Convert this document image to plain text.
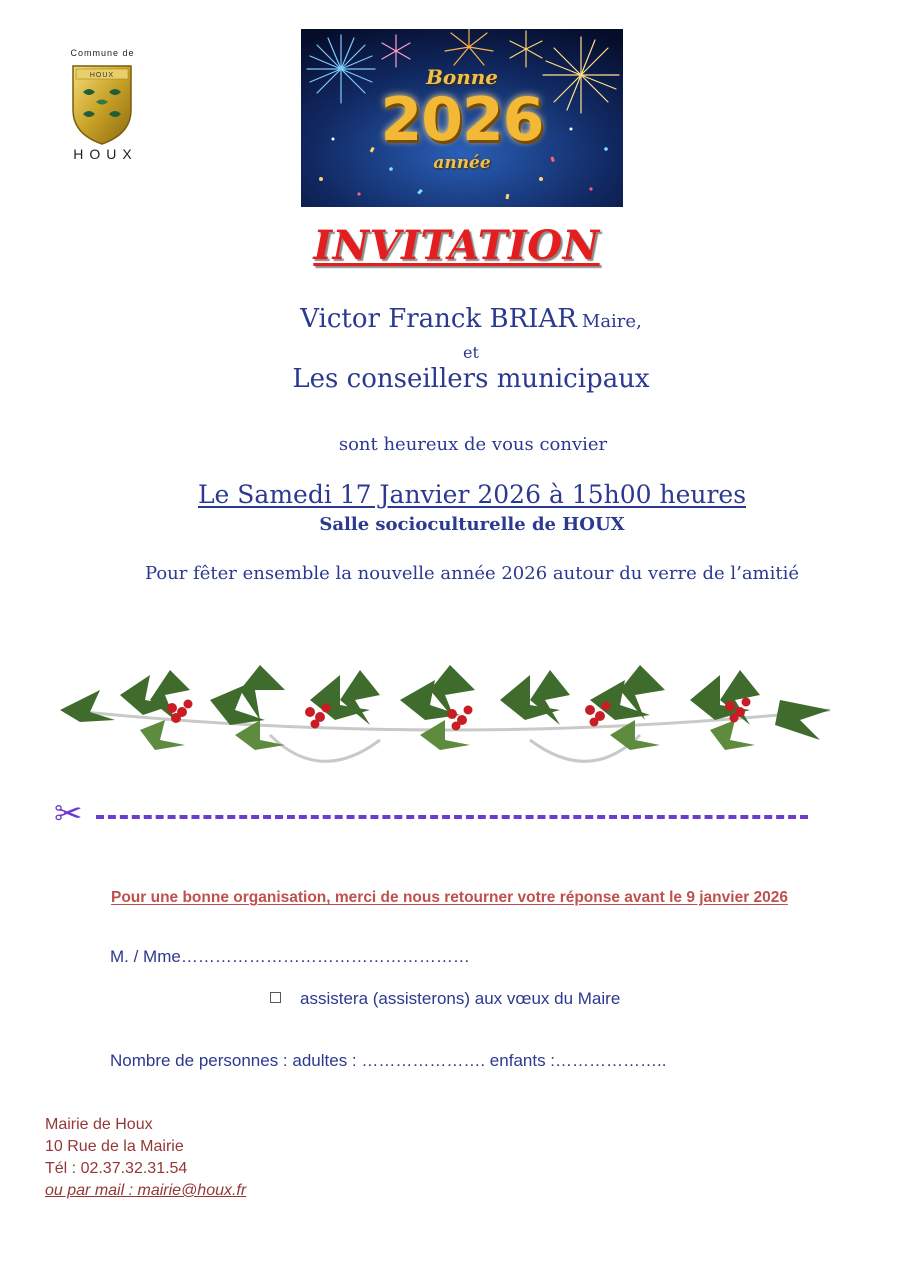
Commune de
HOUX
HOUX
Bonne
2026
année
INVITATION
Victor Franck BRIAR Maire,
et
Les conseillers municipaux
sont heureux de vous convier
Le Samedi 17 Janvier 2026 à 15h00 heures
Salle socioculturelle de HOUX
Pour fêter ensemble la nouvelle année 2026 autour du verre de l’amitié
✂
Pour une bonne organisation, merci de nous retourner votre réponse avant le 9 janvier 2026
M. / Mme……………………………………………
assistera (assisterons) aux vœux du Maire
Nombre de personnes : adultes : …………………. enfants :………………..
Mairie de Houx
10 Rue de la Mairie
Tél : 02.37.32.31.54
ou par mail : mairie@houx.fr
